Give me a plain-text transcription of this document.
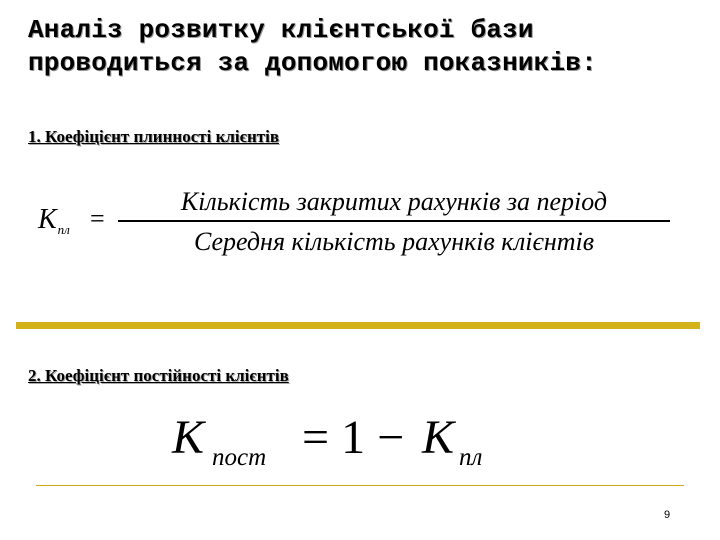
Аналіз розвитку клієнтської бази
проводиться за допомогою показників:
1. Коефіцієнт плинності клієнтів
$К_{пл}$ =
Кількість закритих рахунків за період
Середня кількість рахунків клієнтів
2. Коефіцієнт постійності клієнтів
К пост = 1 − К пл
9
